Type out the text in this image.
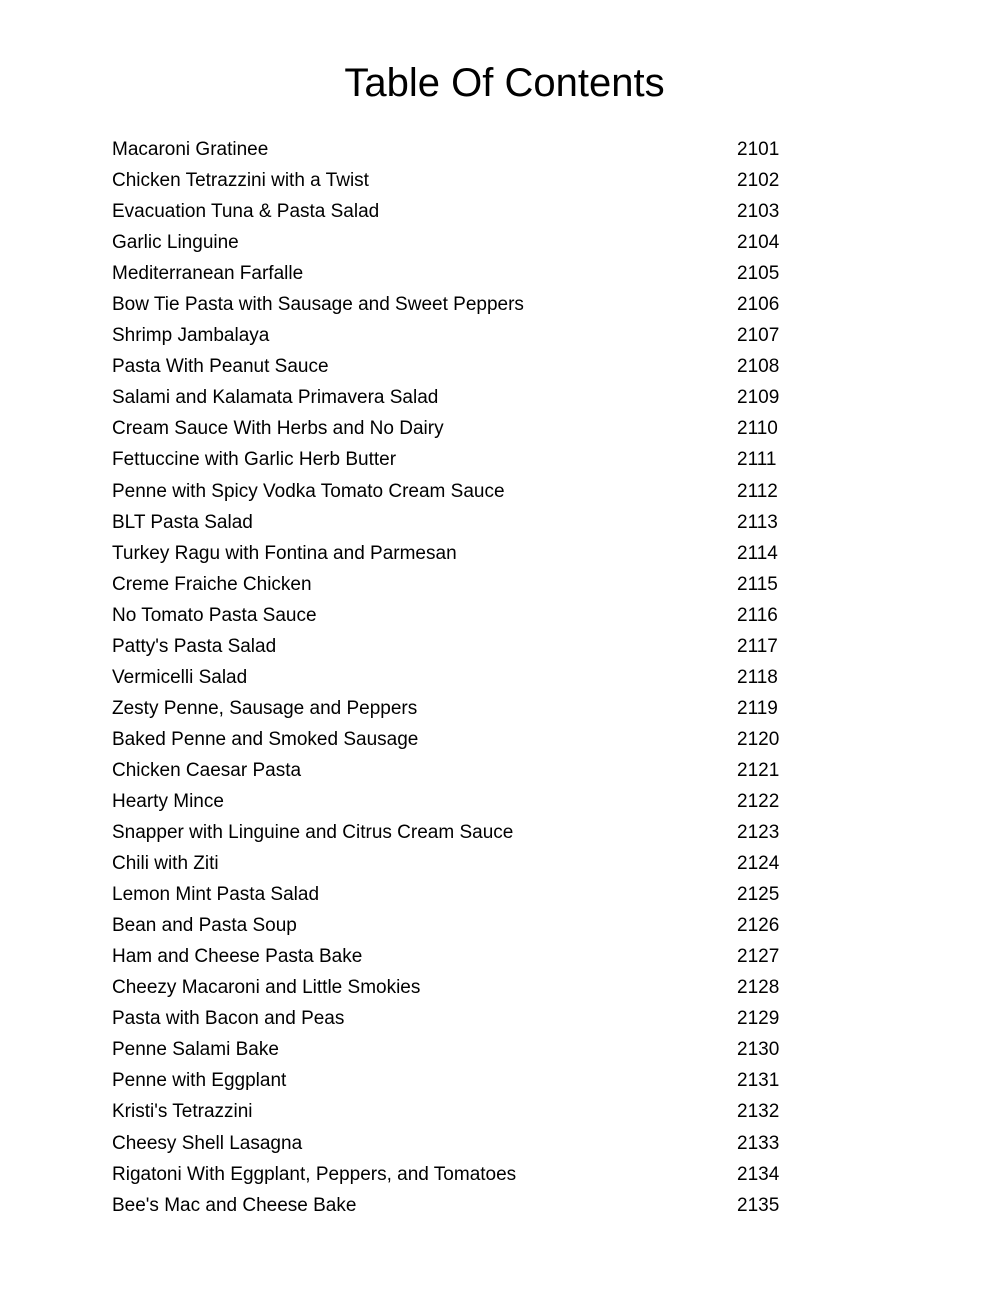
Table Of Contents
Macaroni Gratinee	2101
Chicken Tetrazzini with a Twist	2102
Evacuation Tuna & Pasta Salad	2103
Garlic Linguine	2104
Mediterranean Farfalle	2105
Bow Tie Pasta with Sausage and Sweet Peppers	2106
Shrimp Jambalaya	2107
Pasta With Peanut Sauce	2108
Salami and Kalamata Primavera Salad	2109
Cream Sauce With Herbs and No Dairy	2110
Fettuccine with Garlic Herb Butter	2111
Penne with Spicy Vodka Tomato Cream Sauce	2112
BLT Pasta Salad	2113
Turkey Ragu with Fontina and Parmesan	2114
Creme Fraiche Chicken	2115
No Tomato Pasta Sauce	2116
Patty's Pasta Salad	2117
Vermicelli Salad	2118
Zesty Penne, Sausage and Peppers	2119
Baked Penne and Smoked Sausage	2120
Chicken Caesar Pasta	2121
Hearty Mince	2122
Snapper with Linguine and Citrus Cream Sauce	2123
Chili with Ziti	2124
Lemon Mint Pasta Salad	2125
Bean and Pasta Soup	2126
Ham and Cheese Pasta Bake	2127
Cheezy Macaroni and Little Smokies	2128
Pasta with Bacon and Peas	2129
Penne Salami Bake	2130
Penne with Eggplant	2131
Kristi's Tetrazzini	2132
Cheesy Shell Lasagna	2133
Rigatoni With Eggplant, Peppers, and Tomatoes	2134
Bee's Mac and Cheese Bake	2135
